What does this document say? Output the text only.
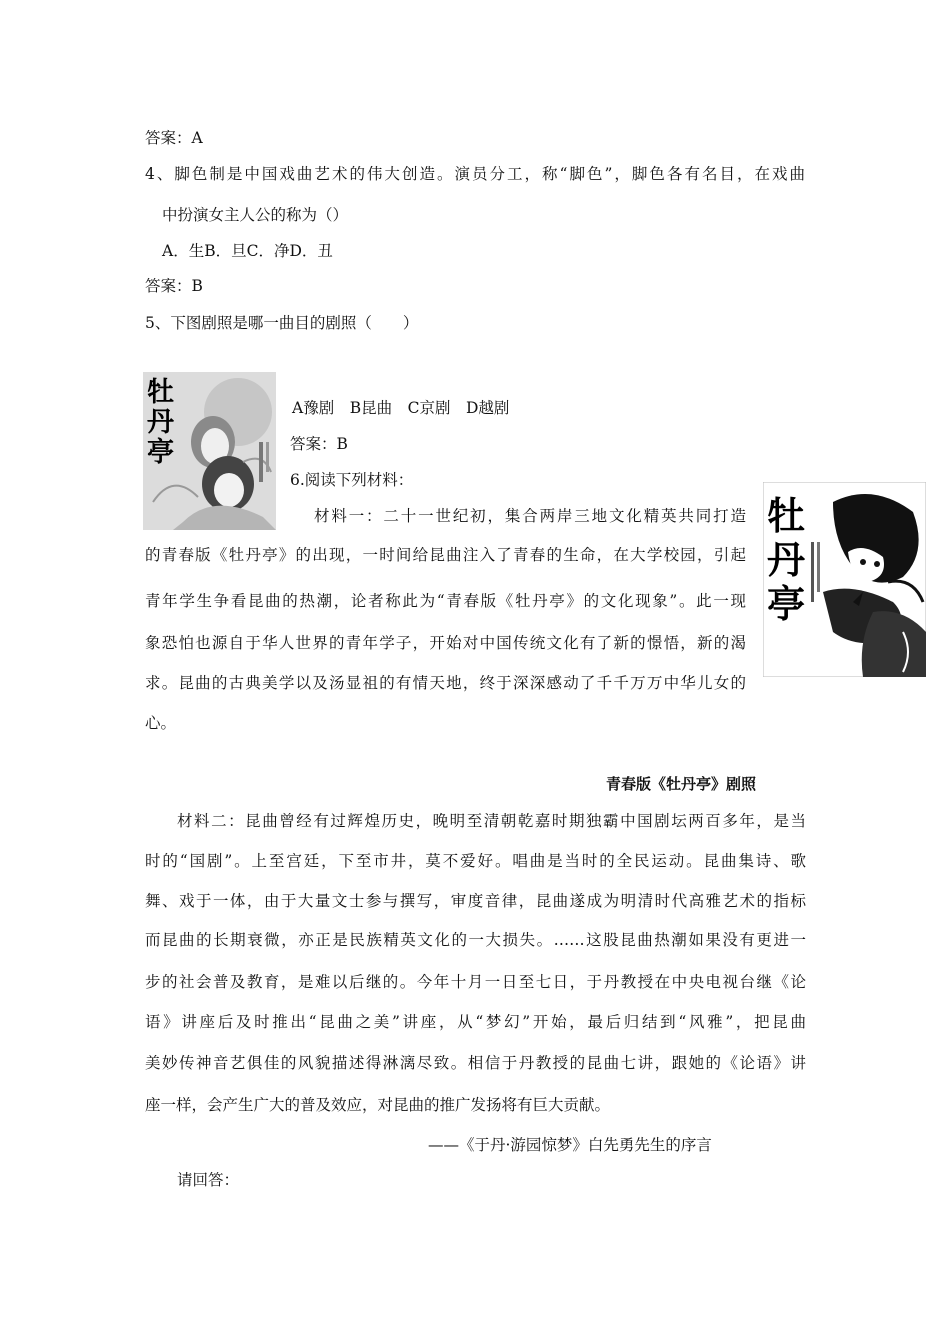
答案：A
4、脚色制是中国戏曲艺术的伟大创造。演员分工，称“脚色”，脚色各有名目，在戏曲
中扮演女主人公的称为（）
A．生B．旦C．净D．丑
答案：B
5、下图剧照是哪一曲目的剧照（　　）
牡丹亭
A豫剧　B昆曲　C京剧　D越剧
答案：B
6.阅读下列材料：
材料一：二十一世纪初，集合两岸三地文化精英共同打造
的青春版《牡丹亭》的出现，一时间给昆曲注入了青春的生命，在大学校园，引起
青年学生争看昆曲的热潮，论者称此为“青春版《牡丹亭》的文化现象”。此一现
象恐怕也源自于华人世界的青年学子，开始对中国传统文化有了新的憬悟，新的渴
求。昆曲的古典美学以及汤显祖的有情天地，终于深深感动了千千万万中华儿女的
心。
牡丹亭
青春版《牡丹亭》剧照
材料二：昆曲曾经有过辉煌历史，晚明至清朝乾嘉时期独霸中国剧坛两百多年，是当
时的“国剧”。上至宫廷，下至市井，莫不爱好。唱曲是当时的全民运动。昆曲集诗、歌
舞、戏于一体，由于大量文士参与撰写，审度音律，昆曲遂成为明清时代高雅艺术的指标
而昆曲的长期衰微，亦正是民族精英文化的一大损失。……这股昆曲热潮如果没有更进一
步的社会普及教育，是难以后继的。今年十月一日至七日，于丹教授在中央电视台继《论
语》讲座后及时推出“昆曲之美”讲座，从“梦幻”开始，最后归结到“风雅”，把昆曲
美妙传神音艺俱佳的风貌描述得淋漓尽致。相信于丹教授的昆曲七讲，跟她的《论语》讲
座一样，会产生广大的普及效应，对昆曲的推广发扬将有巨大贡献。
——《于丹·游园惊梦》白先勇先生的序言
请回答：
